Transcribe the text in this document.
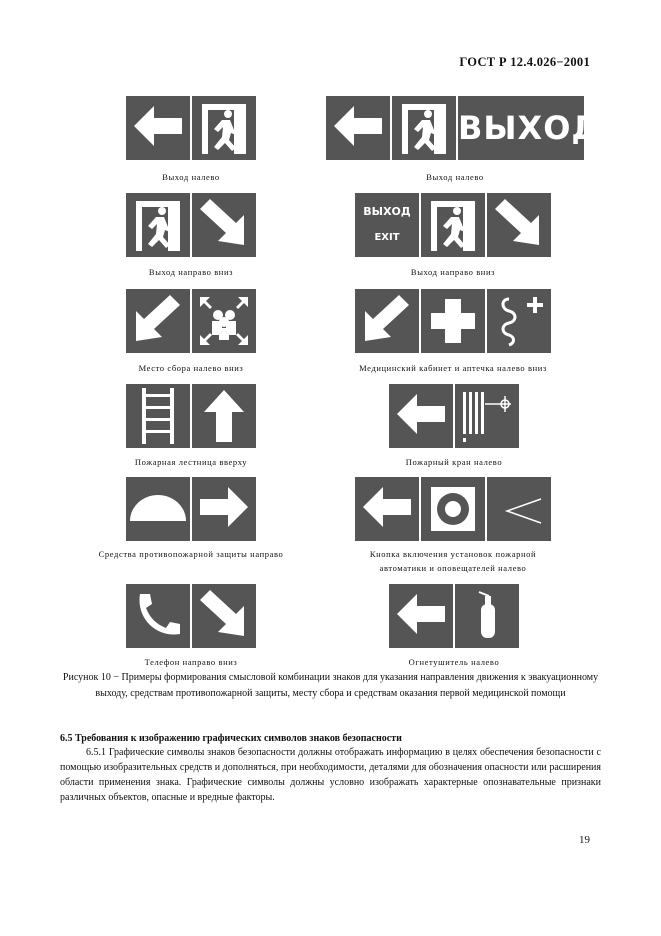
ГОСТ Р 12.4.026−2001
Выход налево
ВЫХОД
Выход налево
Выход направо вниз
ВЫХОД
EXIT
Выход направо вниз
Место сбора налево вниз	Медицинский кабинет и аптечка налево вниз
Пожарная лестница вверху	Пожарный кран налево
Средства противопожарной защиты направо	Кнопка включения установок пожарной автоматики и оповещателей налево
Телефон направо вниз	Огнетушитель налево
Рисунок 10 − Примеры формирования смысловой комбинации знаков для указания направления движения к эвакуационному выходу, средствам противопожарной защиты, месту сбора и средствам оказания первой медицинской помощи
6.5 Требования к изображению графических символов знаков безопасности
6.5.1 Графические символы знаков безопасности должны отображать информацию в целях обеспечения безопасности с помощью изобразительных средств и дополняться, при необходимости, деталями для обозначения опасности или расширения области применения знака. Графические символы должны условно изображать характерные опознавательные признаки различных объектов, опасные и вредные факторы.
19
